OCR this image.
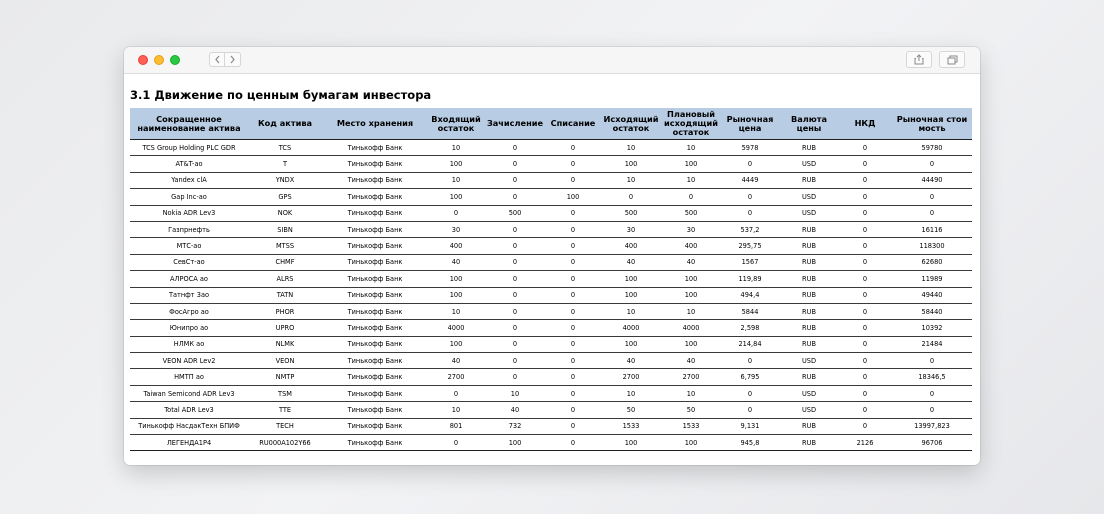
3.1 Движение по ценным бумагам инвестора
Сокращенное наименование актива	Код актива	Место хранения	Входящий остаток	Зачисление	Списание	Исходящий остаток	Плановый исходящий остаток	Рыночная цена	Валюта цены	НКД	Рыночная стои мость
TCS Group Holding PLC GDR	TCS	Тинькофф Банк	10	0	0	10	10	5978	RUB	0	59780
AT&T-ао	T	Тинькофф Банк	100	0	0	100	100	0	USD	0	0
Yandex clA	YNDX	Тинькофф Банк	10	0	0	10	10	4449	RUB	0	44490
Gap Inc-ао	GPS	Тинькофф Банк	100	0	100	0	0	0	USD	0	0
Nokia ADR Lev3	NOK	Тинькофф Банк	0	500	0	500	500	0	USD	0	0
Газпрнефть	SIBN	Тинькофф Банк	30	0	0	30	30	537,2	RUB	0	16116
МТС-ао	MTSS	Тинькофф Банк	400	0	0	400	400	295,75	RUB	0	118300
СевСт-ао	CHMF	Тинькофф Банк	40	0	0	40	40	1567	RUB	0	62680
АЛРОСА ао	ALRS	Тинькофф Банк	100	0	0	100	100	119,89	RUB	0	11989
Татнфт 3ао	TATN	Тинькофф Банк	100	0	0	100	100	494,4	RUB	0	49440
ФосАгро ао	PHOR	Тинькофф Банк	10	0	0	10	10	5844	RUB	0	58440
Юнипро ао	UPRO	Тинькофф Банк	4000	0	0	4000	4000	2,598	RUB	0	10392
НЛМК ао	NLMK	Тинькофф Банк	100	0	0	100	100	214,84	RUB	0	21484
VEON ADR Lev2	VEON	Тинькофф Банк	40	0	0	40	40	0	USD	0	0
НМТП ао	NMTP	Тинькофф Банк	2700	0	0	2700	2700	6,795	RUB	0	18346,5
Taiwan Semicond ADR Lev3	TSM	Тинькофф Банк	0	10	0	10	10	0	USD	0	0
Total ADR Lev3	TTE	Тинькофф Банк	10	40	0	50	50	0	USD	0	0
Тинькофф НасдакТехн БПИФ	TECH	Тинькофф Банк	801	732	0	1533	1533	9,131	RUB	0	13997,823
ЛЕГЕНДА1Р4	RU000A102Y66	Тинькофф Банк	0	100	0	100	100	945,8	RUB	2126	96706
